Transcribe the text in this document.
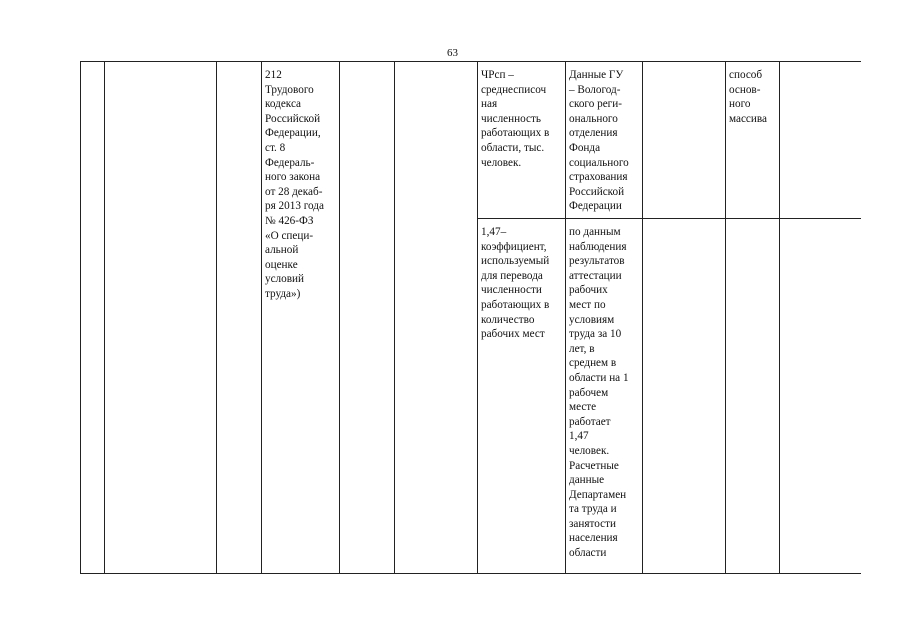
63
212
Трудового
кодекса
Российской
Федерации,
ст. 8
Федераль-
ного закона
от 28 декаб-
ря 2013 года
№ 426-ФЗ
«О специ-
альной
оценке
условий
труда»)
ЧРсп –
среднесписоч
ная
численность
работающих в
области, тыс.
человек.
Данные ГУ
– Вологод-
ского реги-
онального
отделения
Фонда
социального
страхования
Российской
Федерации
способ
основ-
ного
массива
1,47–
коэффициент,
используемый
для перевода
численности
работающих в
количество
рабочих мест
по данным
наблюдения
результатов
аттестации
рабочих
мест по
условиям
труда за 10
лет, в
среднем в
области на 1
рабочем
месте
работает
1,47
человек.
Расчетные
данные
Департамен
та труда и
занятости
населения
области
